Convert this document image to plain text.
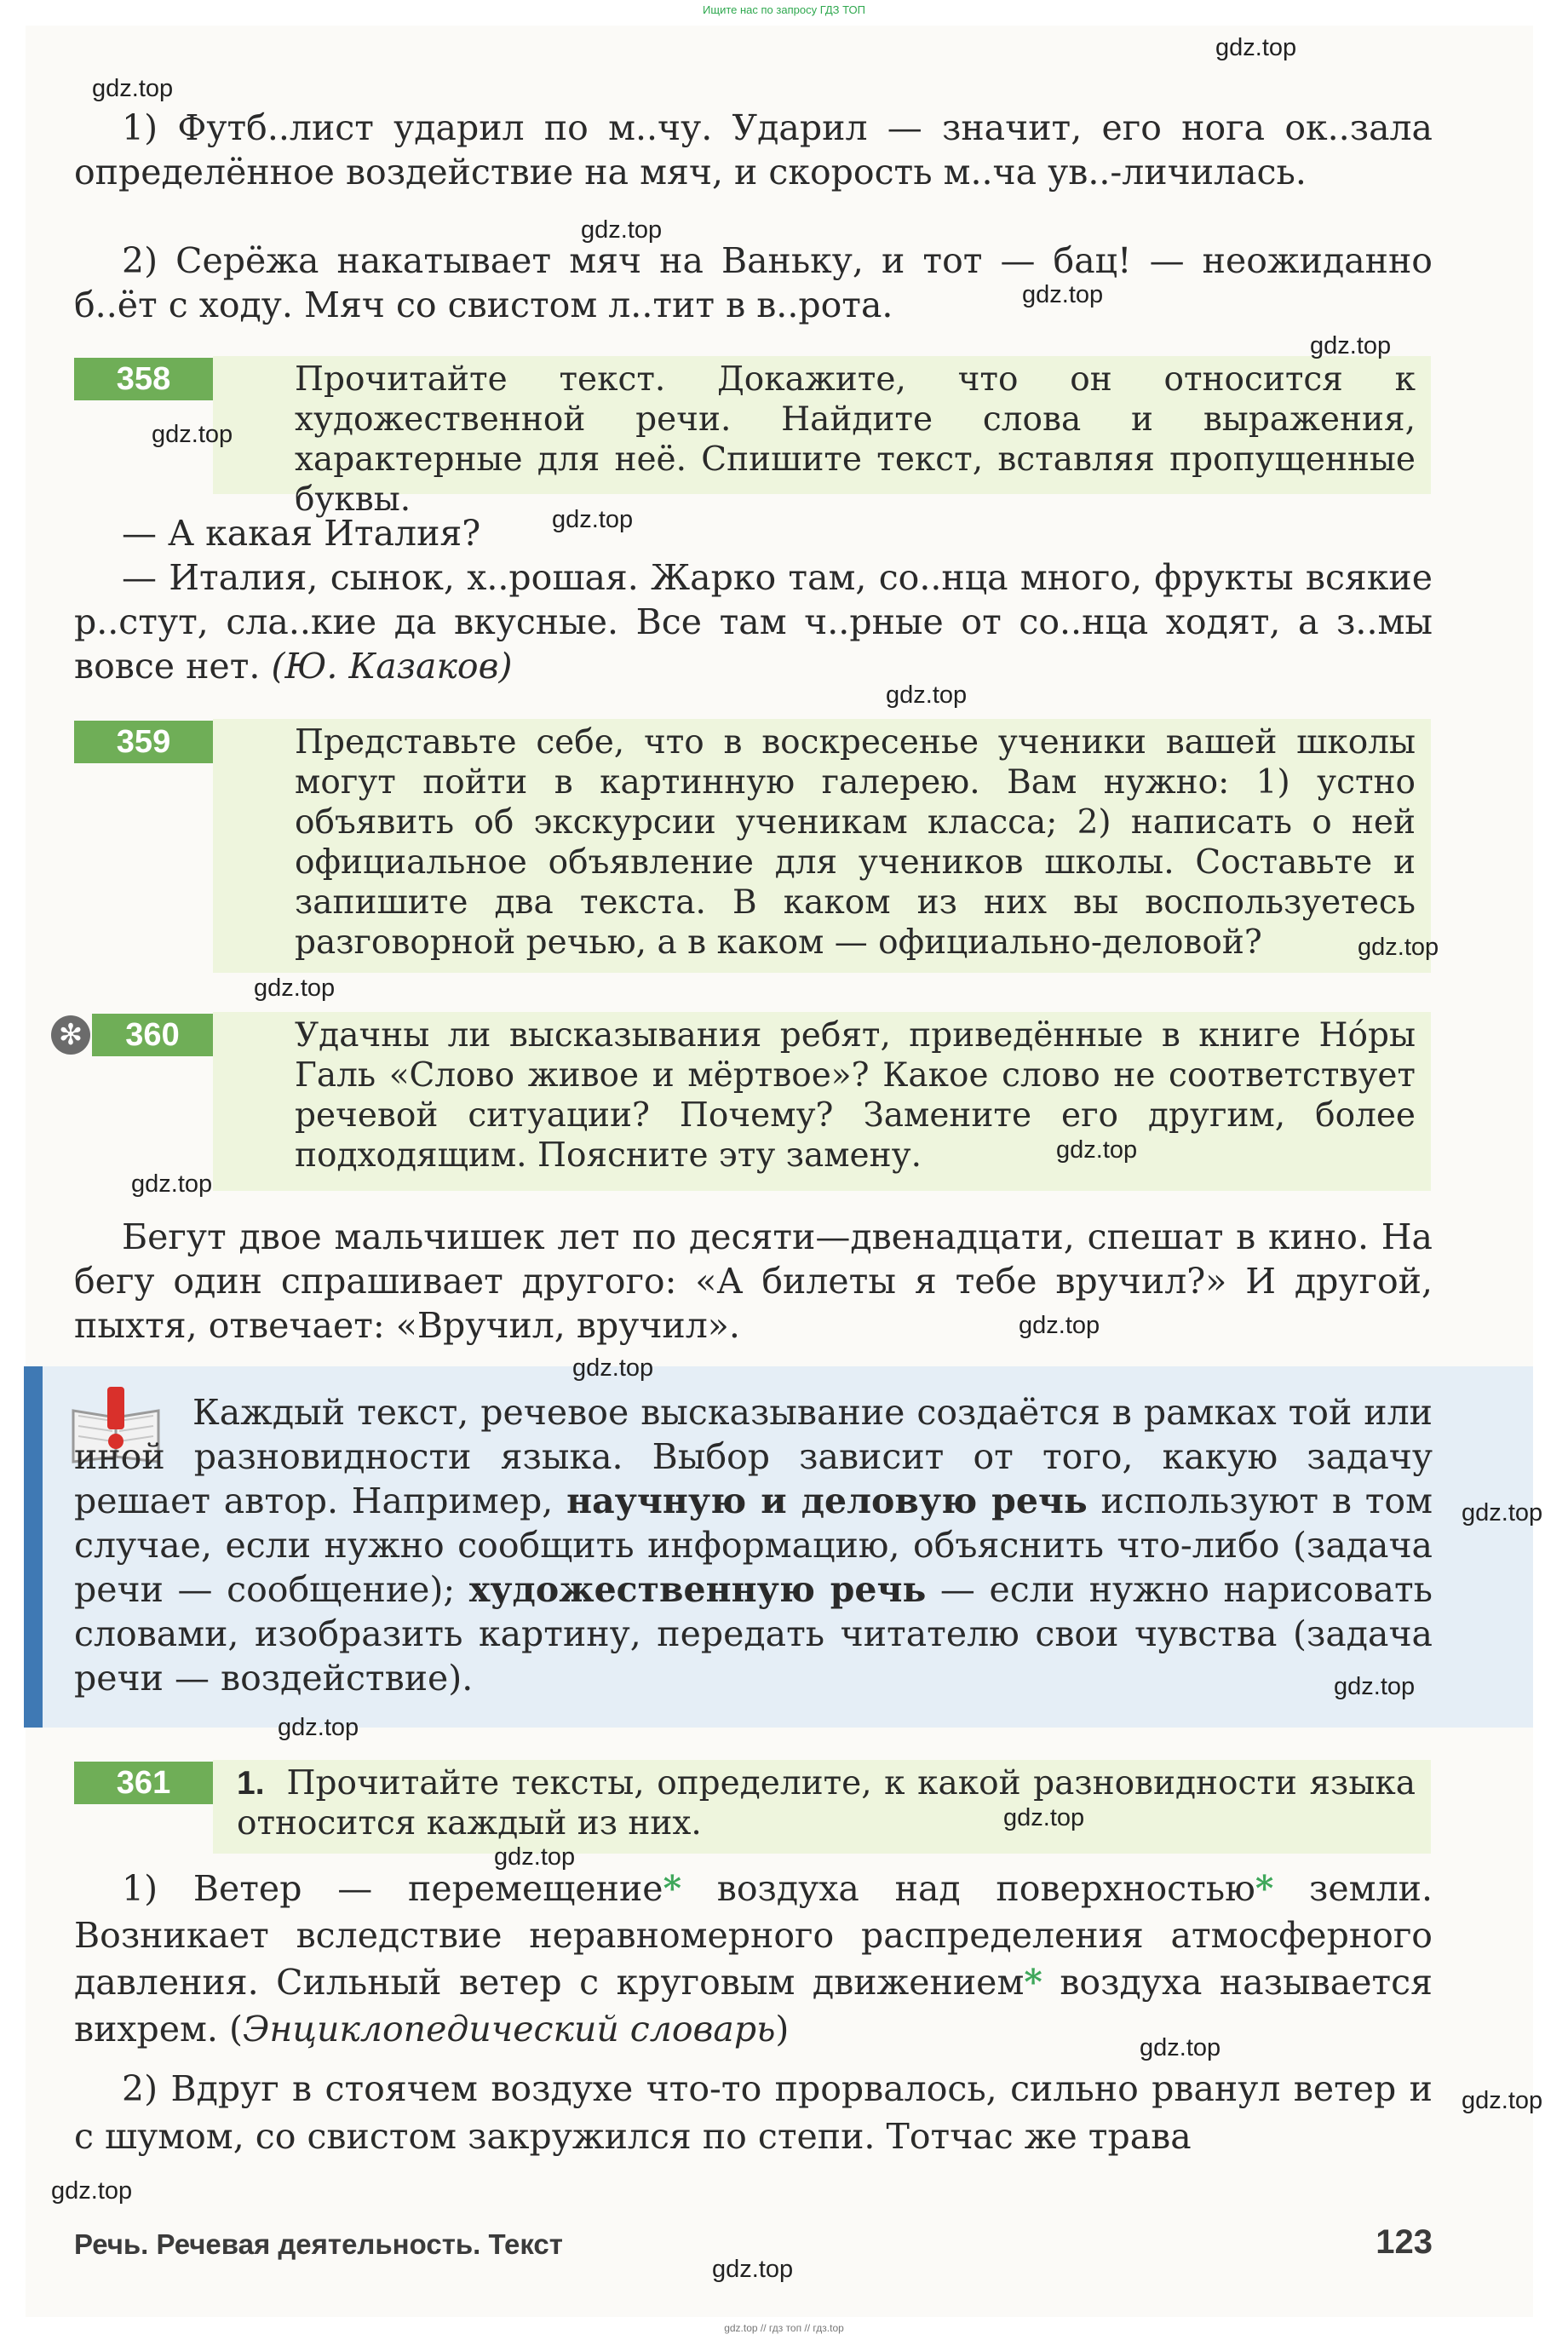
Ищите нас по запросу ГДЗ ТОП

1) Футб..лист ударил по м..чу. Ударил — значит, его нога ок..зала определённое воздействие на мяч, и скорость м..ча ув..-личилась.

2) Серёжа накатывает мяч на Ваньку, и тот — бац! — неожиданно б..ёт с ходу. Мяч со свистом л..тит в в..рота.

358	Прочитайте текст. Докажите, что он относится к художественной речи. Найдите слова и выражения, характерные для неё. Спишите текст, вставляя пропущенные буквы.

— А какая Италия?

— Италия, сынок, х..рошая. Жарко там, со..нца много, фрукты всякие р..стут, сла..кие да вкусные. Все там ч..рные от со..нца ходят, а з..мы вовсе нет. (Ю. Казаков)

359	Представьте себе, что в воскресенье ученики вашей школы могут пойти в картинную галерею. Вам нужно: 1) устно объявить об экскурсии ученикам класса; 2) написать о ней официальное объявление для учеников школы. Составьте и запишите два текста. В каком из них вы воспользуетесь разговорной речью, а в каком — официально-деловой?
✻	360	Удачны ли высказывания ребят, приведённые в книге Но́ры Галь «Слово живое и мёртвое»? Какое слово не соответствует речевой ситуации? Почему? Замените его другим, более подходящим. Поясните эту замену.

Бегут двое мальчишек лет по десяти—двенадцати, спешат в кино. На бегу один спрашивает другого: «А билеты я тебе вручил?» И другой, пыхтя, отвечает: «Вручил, вручил».

Каждый текст, речевое высказывание создаётся в рамках той или иной разновидности языка. Выбор зависит от того, какую задачу решает автор. Например, научную и деловую речь используют в том случае, если нужно сообщить информацию, объяснить что-либо (задача речи — сообщение); художественную речь — если нужно нарисовать словами, изобразить картину, передать читателю свои чувства (задача речи — воздействие).

361	1. Прочитайте тексты, определите, к какой разновидности языка относится каждый из них.

1) Ветер — перемещение* воздуха над поверхностью* земли. Возникает вследствие неравномерного распределения атмосферного давления. Сильный ветер с круговым движением* воздуха называется вихрем. (Энциклопедический словарь)

2) Вдруг в стоячем воздухе что-то прорвалось, сильно рванул ветер и с шумом, со свистом закружился по степи. Тотчас же трава

Речь. Речевая деятельность. Текст	123
gdz.top
gdz.top
gdz.top
gdz.top
gdz.top
gdz.top
gdz.top
gdz.top
gdz.top
gdz.top
gdz.top
gdz.top
gdz.top
gdz.top
gdz.top
gdz.top
gdz.top
gdz.top
gdz.top
gdz.top
gdz.top
gdz.top
gdz.top
gdz.top // гдз топ // гдз.top
